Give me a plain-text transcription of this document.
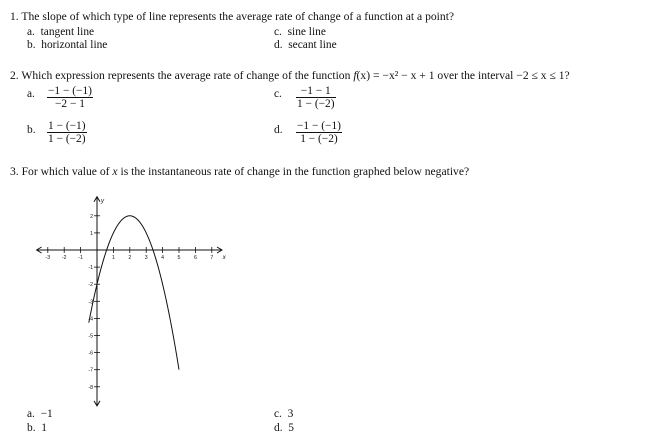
1. The slope of which type of line represents the average rate of change of a function at a point?
a. tangent line
b. horizontal line
c. sine line
d. secant line
2. Which expression represents the average rate of change of the function f(x) = −x² − x + 1 over the interval −2 ≤ x ≤ 1?
a. −1 − (−1)
−2 − 1
b. 1 − (−1)
1 − (−2)
c.	−1 − 1
1 − (−2)
d. −1 − (−1)
1 − (−2)
3. For which value of x is the instantaneous rate of change in the function graphed below negative?
-3 -2 -1	1	2	3	4	5	6	7
2
1
-1
-2
-3
-4
-5
-6
-7
-8
x
y
a. −1
b. 1
c. 3
d. 5
